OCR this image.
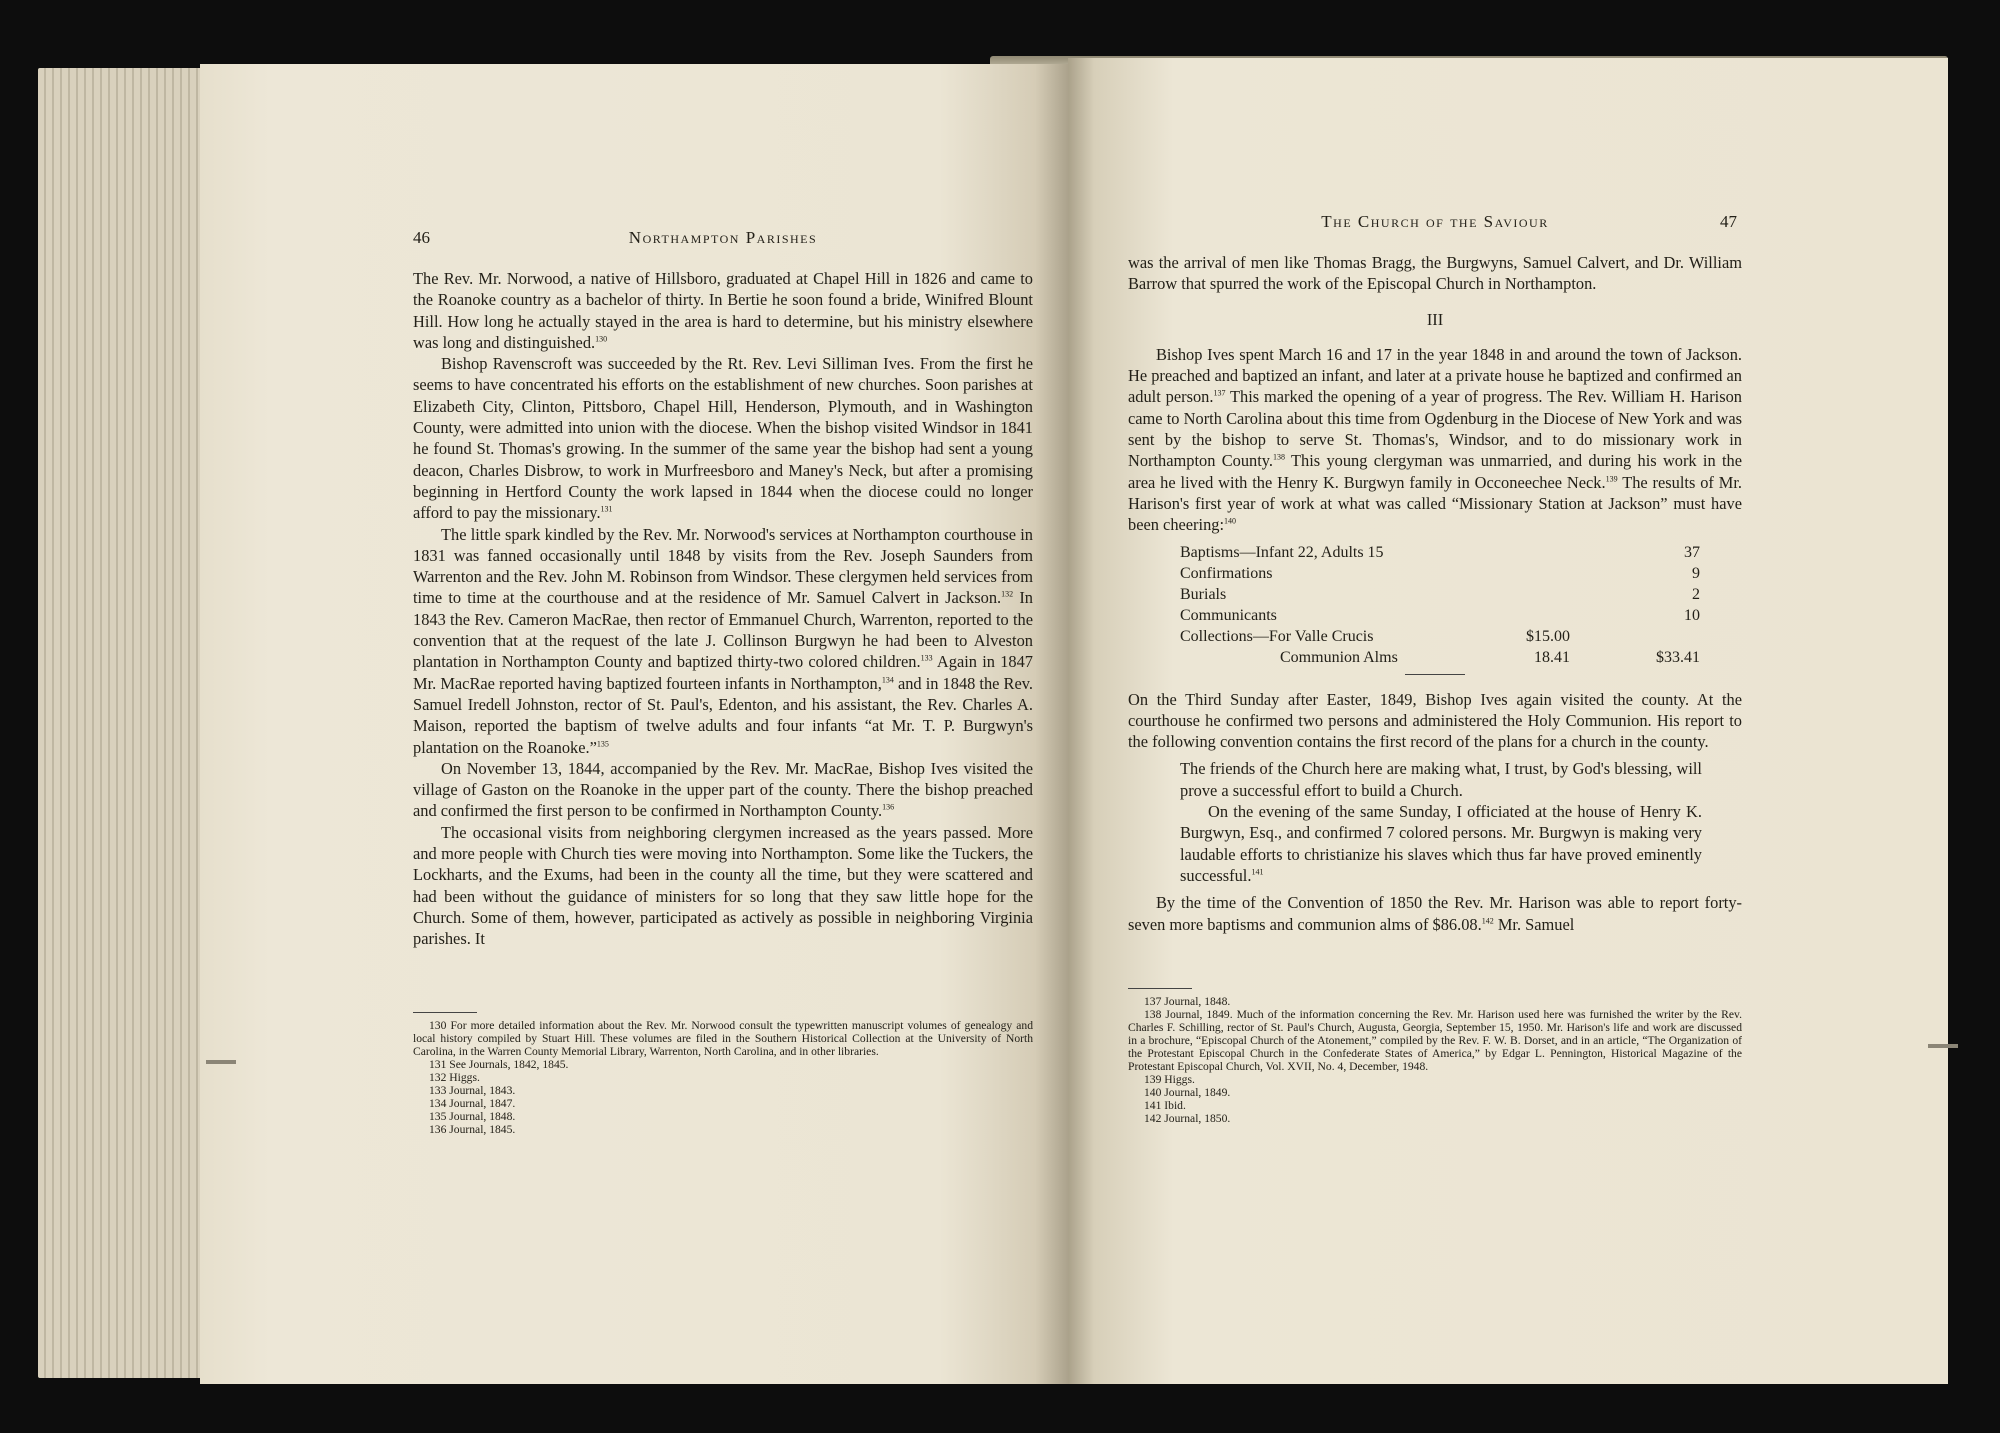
46	Northampton Parishes

The Rev. Mr. Norwood, a native of Hillsboro, graduated at Chapel Hill in 1826 and came to the Roanoke country as a bachelor of thirty. In Bertie he soon found a bride, Winifred Blount Hill. How long he actually stayed in the area is hard to determine, but his ministry elsewhere was long and distinguished.$^{130}$

Bishop Ravenscroft was succeeded by the Rt. Rev. Levi Silliman Ives. From the first he seems to have concentrated his efforts on the establishment of new churches. Soon parishes at Elizabeth City, Clinton, Pittsboro, Chapel Hill, Henderson, Plymouth, and in Washington County, were admitted into union with the diocese. When the bishop visited Windsor in 1841 he found St. Thomas's growing. In the summer of the same year the bishop had sent a young deacon, Charles Disbrow, to work in Murfreesboro and Maney's Neck, but after a promising beginning in Hertford County the work lapsed in 1844 when the diocese could no longer afford to pay the missionary.$^{131}$

The little spark kindled by the Rev. Mr. Norwood's services at Northampton courthouse in 1831 was fanned occasionally until 1848 by visits from the Rev. Joseph Saunders from Warrenton and the Rev. John M. Robinson from Windsor. These clergymen held services from time to time at the courthouse and at the residence of Mr. Samuel Calvert in Jackson.$^{132}$ In 1843 the Rev. Cameron MacRae, then rector of Emmanuel Church, Warrenton, reported to the convention that at the request of the late J. Collinson Burgwyn he had been to Alveston plantation in Northampton County and baptized thirty-two colored children.$^{133}$ Again in 1847 Mr. MacRae reported having baptized fourteen infants in Northampton,$^{134}$ and in 1848 the Rev. Samuel Iredell Johnston, rector of St. Paul's, Edenton, and his assistant, the Rev. Charles A. Maison, reported the baptism of twelve adults and four infants “at Mr. T. P. Burgwyn's plantation on the Roanoke.”$^{135}$

On November 13, 1844, accompanied by the Rev. Mr. MacRae, Bishop Ives visited the village of Gaston on the Roanoke in the upper part of the county. There the bishop preached and confirmed the first person to be confirmed in Northampton County.$^{136}$

The occasional visits from neighboring clergymen increased as the years passed. More and more people with Church ties were moving into Northampton. Some like the Tuckers, the Lockharts, and the Exums, had been in the county all the time, but they were scattered and had been without the guidance of ministers for so long that they saw little hope for the Church. Some of them, however, participated as actively as possible in neighboring Virginia parishes. It

130 For more detailed information about the Rev. Mr. Norwood consult the typewritten manuscript volumes of genealogy and local history compiled by Stuart Hill. These volumes are filed in the Southern Historical Collection at the University of North Carolina, in the Warren County Memorial Library, Warrenton, North Carolina, and in other libraries.
131 See Journals, 1842, 1845.
132 Higgs.
133 Journal, 1843.
134 Journal, 1847.
135 Journal, 1848.
136 Journal, 1845.
The Church of the Saviour	47

was the arrival of men like Thomas Bragg, the Burgwyns, Samuel Calvert, and Dr. William Barrow that spurred the work of the Episcopal Church in Northampton.

III

Bishop Ives spent March 16 and 17 in the year 1848 in and around the town of Jackson. He preached and baptized an infant, and later at a private house he baptized and confirmed an adult person.$^{137}$ This marked the opening of a year of progress. The Rev. William H. Harison came to North Carolina about this time from Ogdenburg in the Diocese of New York and was sent by the bishop to serve St. Thomas's, Windsor, and to do missionary work in Northampton County.$^{138}$ This young clergyman was unmarried, and during his work in the area he lived with the Henry K. Burgwyn family in Occoneechee Neck.$^{139}$ The results of Mr. Harison's first year of work at what was called “Missionary Station at Jackson” must have been cheering:$^{140}$

Baptisms—Infant 22, Adults 15		37
Confirmations		9
Burials		2
Communicants		10
Collections—For Valle Crucis	$15.00	
Communion Alms	18.41	$33.41

On the Third Sunday after Easter, 1849, Bishop Ives again visited the county. At the courthouse he confirmed two persons and administered the Holy Communion. His report to the following convention contains the first record of the plans for a church in the county.

The friends of the Church here are making what, I trust, by God's blessing, will prove a successful effort to build a Church.

On the evening of the same Sunday, I officiated at the house of Henry K. Burgwyn, Esq., and confirmed 7 colored persons. Mr. Burgwyn is making very laudable efforts to christianize his slaves which thus far have proved eminently successful.$^{141}$

By the time of the Convention of 1850 the Rev. Mr. Harison was able to report forty-seven more baptisms and communion alms of $86.08.$^{142}$ Mr. Samuel

137 Journal, 1848.
138 Journal, 1849. Much of the information concerning the Rev. Mr. Harison used here was furnished the writer by the Rev. Charles F. Schilling, rector of St. Paul's Church, Augusta, Georgia, September 15, 1950. Mr. Harison's life and work are discussed in a brochure, “Episcopal Church of the Atonement,” compiled by the Rev. F. W. B. Dorset, and in an article, “The Organization of the Protestant Episcopal Church in the Confederate States of America,” by Edgar L. Pennington, Historical Magazine of the Protestant Episcopal Church, Vol. XVII, No. 4, December, 1948.
139 Higgs.
140 Journal, 1849.
141 Ibid.
142 Journal, 1850.
